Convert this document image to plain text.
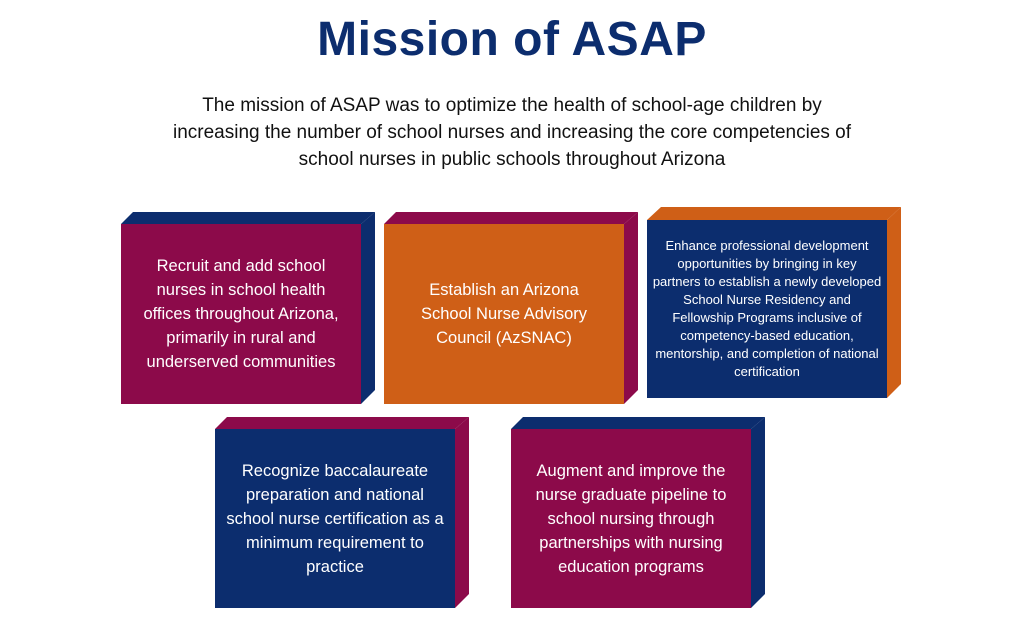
Mission of ASAP

The mission of ASAP was to optimize the health of school-age children by increasing the number of school nurses and increasing the core competencies of school nurses in public schools throughout Arizona

Recruit and add school nurses in school health offices throughout Arizona, primarily in rural and underserved communities
Establish an Arizona School Nurse Advisory Council (AzSNAC)
Enhance professional development opportunities by bringing in key partners to establish a newly developed School Nurse Residency and Fellowship Programs inclusive of competency-based education, mentorship, and completion of national certification
Recognize baccalaureate preparation and national school nurse certification as a minimum requirement to practice
Augment and improve the nurse graduate pipeline to school nursing through partnerships with nursing education programs
